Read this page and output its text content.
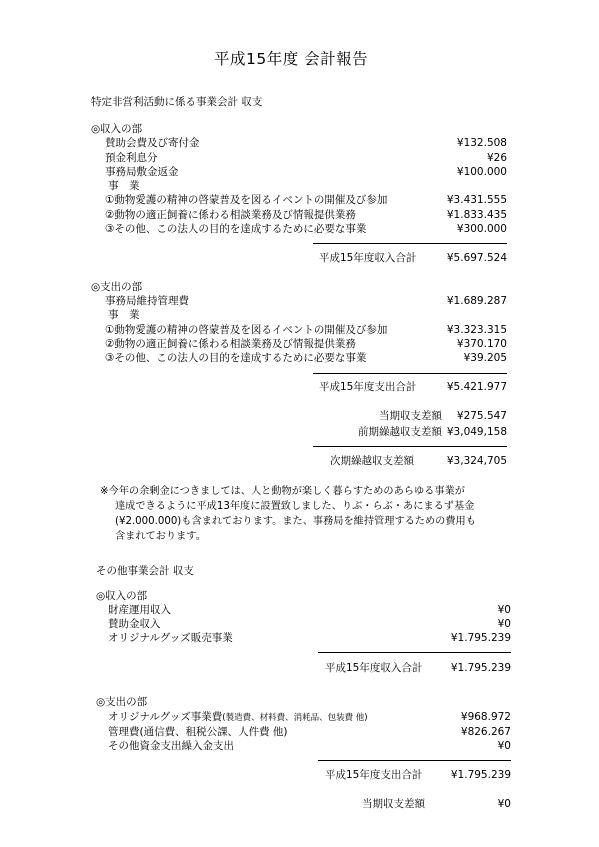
平成15年度 会計報告
特定非営利活動に係る事業会計 収支
◎収入の部
賛助会費及び寄付金	¥132.508
預金利息分	¥26
事務局敷金返金	¥100.000
事　業
①動物愛護の精神の啓蒙普及を図るイベントの開催及び参加	¥3.431.555
②動物の適正飼養に係わる相談業務及び情報提供業務	¥1.833.435
③その他、この法人の目的を達成するために必要な事業	¥300.000
平成15年度収入合計	¥5.697.524
◎支出の部
事務局維持管理費	¥1.689.287
事　業
①動物愛護の精神の啓蒙普及を図るイベントの開催及び参加	¥3.323.315
②動物の適正飼養に係わる相談業務及び情報提供業務	¥370.170
③その他、この法人の目的を達成するために必要な事業	¥39.205
平成15年度支出合計	¥5.421.977
当期収支差額 ¥275.547
前期繰越収支差額 ¥3,049,158
次期繰越収支差額	¥3,324,705
※今年の余剰金につきましては、人と動物が楽しく暮らすためのあらゆる事業が
達成できるように平成13年度に設置致しました、りぶ・らぶ・あにまるず基金
(¥2.000.000)も含まれております。また、事務局を維持管理するための費用も
含まれております。
その他事業会計 収支
◎収入の部
財産運用収入	¥0
賛助金収入	¥0
オリジナルグッズ販売事業	¥1.795.239
平成15年度収入合計	¥1.795.239
◎支出の部
オリジナルグッズ事業費(製造費、材料費、消耗品、包装費 他)	¥968.972
管理費(通信費、租税公課、人件費 他)	¥826.267
その他資金支出繰入金支出	¥0
平成15年度支出合計	¥1.795.239
当期収支差額	¥0
